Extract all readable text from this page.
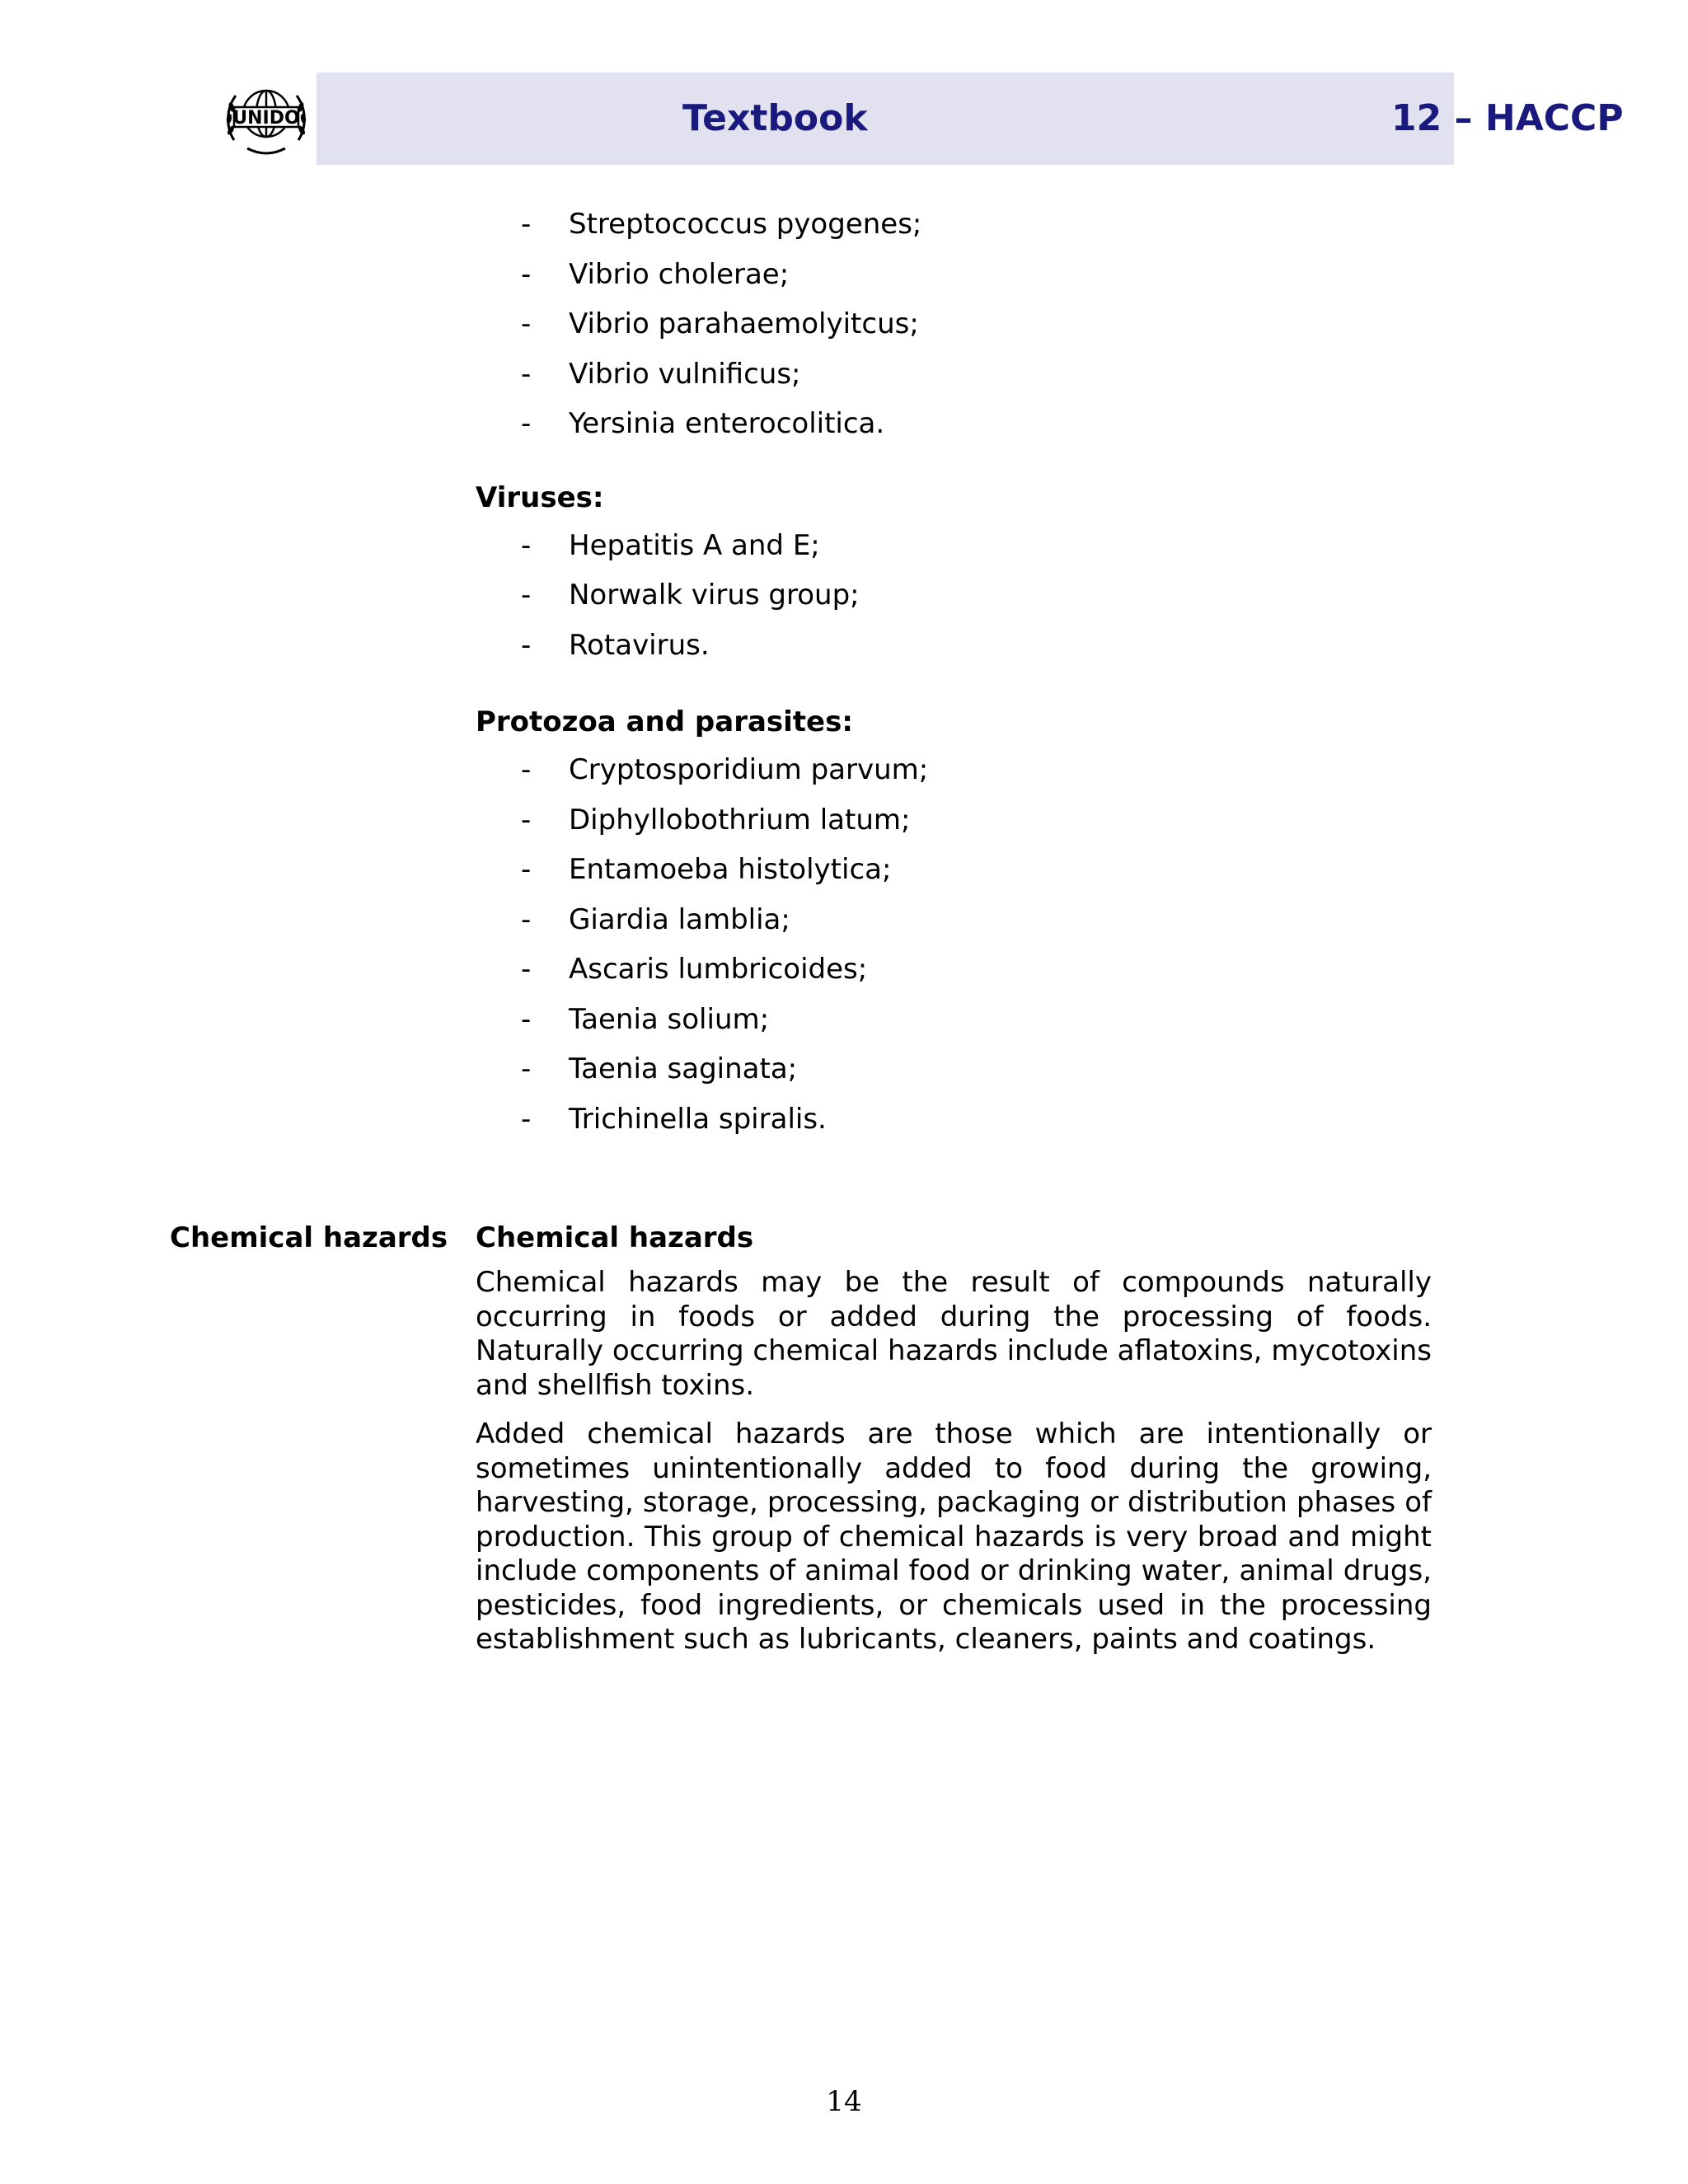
UNIDO	Textbook	12 – HACCP
- Streptococcus pyogenes;
- Vibrio cholerae;
- Vibrio parahaemolyitcus;
- Vibrio vulnificus;
- Yersinia enterocolitica.

Viruses:

- Hepatitis A and E;
- Norwalk virus group;
- Rotavirus.

Protozoa and parasites:

- Cryptosporidium parvum;
- Diphyllobothrium latum;
- Entamoeba histolytica;
- Giardia lamblia;
- Ascaris lumbricoides;
- Taenia solium;
- Taenia saginata;
- Trichinella spiralis.
Chemical hazards Chemical hazards

Chemical hazards may be the result of compounds naturally occurring in foods or added during the processing of foods. Naturally occurring chemical hazards include aflatoxins, mycotoxins and shellfish toxins.

Added chemical hazards are those which are intentionally or sometimes unintentionally added to food during the growing, harvesting, storage, processing, packaging or distribution phases of production. This group of chemical hazards is very broad and might include components of animal food or drinking water, animal drugs, pesticides, food ingredients, or chemicals used in the processing establishment such as lubricants, cleaners, paints and coatings.

14
